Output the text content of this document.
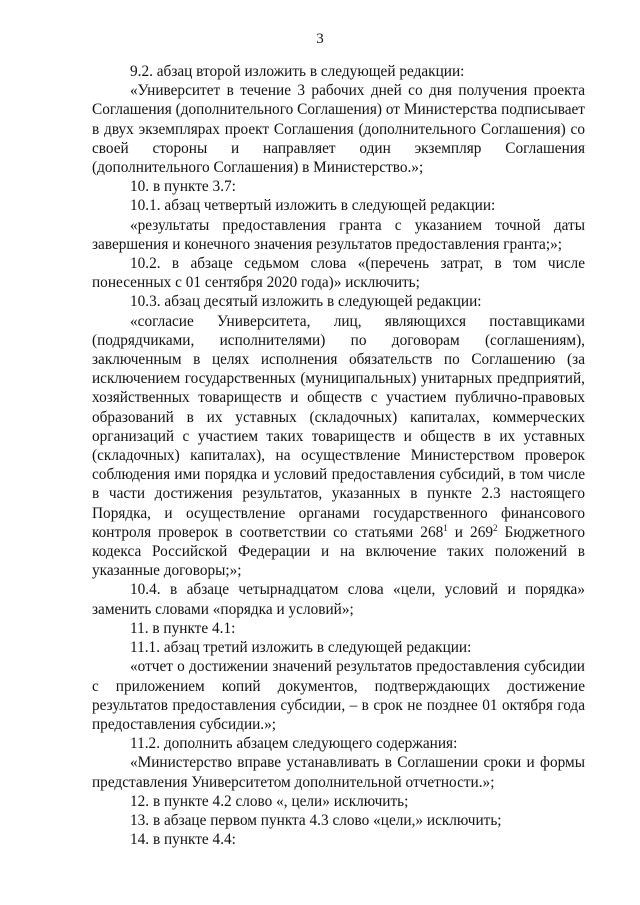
3

9.2. абзац второй изложить в следующей редакции:

«Университет в течение 3 рабочих дней со дня получения проекта Соглашения (дополнительного Соглашения) от Министерства подписывает в двух экземплярах проект Соглашения (дополнительного Соглашения) со своей стороны и направляет один экземпляр Соглашения (дополнительного Соглашения) в Министерство.»;

10. в пункте 3.7:

10.1. абзац четвертый изложить в следующей редакции:

«результаты предоставления гранта с указанием точной даты завершения и конечного значения результатов предоставления гранта;»;

10.2. в абзаце седьмом слова «(перечень затрат, в том числе понесенных с 01 сентября 2020 года)» исключить;

10.3. абзац десятый изложить в следующей редакции:

«согласие Университета, лиц, являющихся поставщиками (подрядчиками, исполнителями) по договорам (соглашениям), заключенным в целях исполнения обязательств по Соглашению (за исключением государственных (муниципальных) унитарных предприятий, хозяйственных товариществ и обществ с участием публично-правовых образований в их уставных (складочных) капиталах, коммерческих организаций с участием таких товариществ и обществ в их уставных (складочных) капиталах), на осуществление Министерством проверок соблюдения ими порядка и условий предоставления субсидий, в том числе в части достижения результатов, указанных в пункте 2.3 настоящего Порядка, и осуществление органами государственного финансового контроля проверок в соответствии со статьями $268^1$ и $269^2$ Бюджетного кодекса Российской Федерации и на включение таких положений в указанные договоры;»;

10.4. в абзаце четырнадцатом слова «цели, условий и порядка» заменить словами «порядка и условий»;

11. в пункте 4.1:

11.1. абзац третий изложить в следующей редакции:

«отчет о достижении значений результатов предоставления субсидии с приложением копий документов, подтверждающих достижение результатов предоставления субсидии, – в срок не позднее 01 октября года предоставления субсидии.»;

11.2. дополнить абзацем следующего содержания:

«Министерство вправе устанавливать в Соглашении сроки и формы представления Университетом дополнительной отчетности.»;

12. в пункте 4.2 слово «, цели» исключить;

13. в абзаце первом пункта 4.3 слово «цели,» исключить;

14. в пункте 4.4:
